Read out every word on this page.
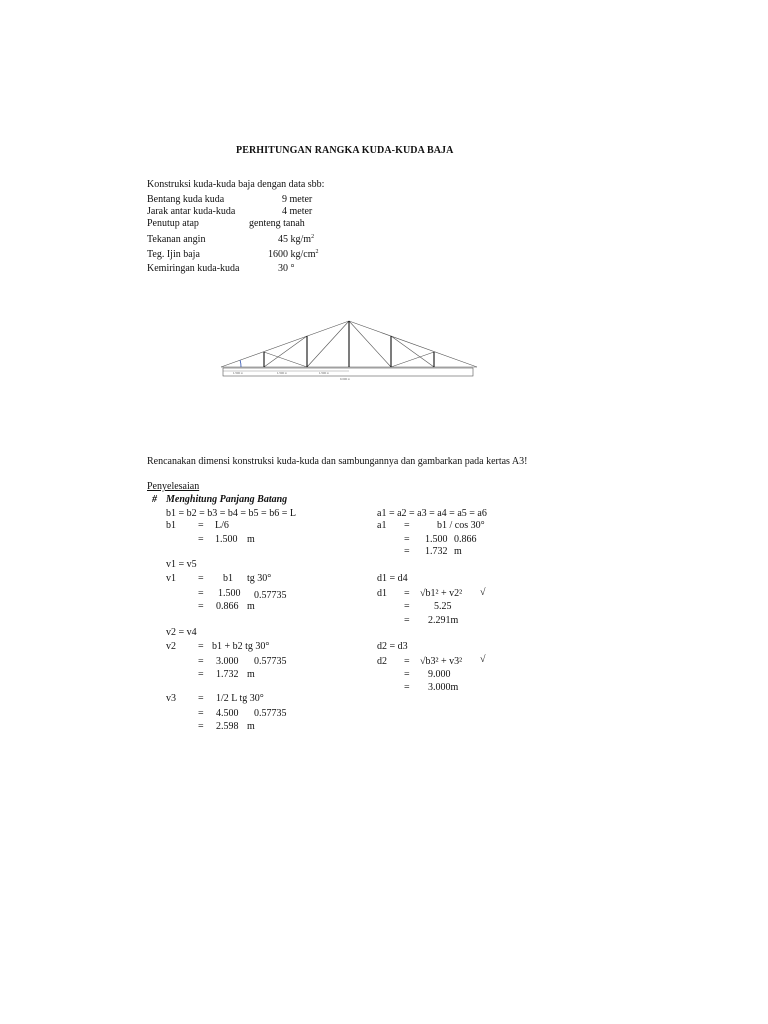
PERHITUNGAN RANGKA KUDA-KUDA BAJA
Konstruksi kuda-kuda baja dengan data sbb:
Bentang kuda kuda	9 meter
Jarak antar kuda-kuda	4 meter
Penutup atap	genteng tanah
Tekanan angin	45 $kg/m^2$
Teg. Ijin baja	1600 $kg/cm^2$
Kemiringan kuda-kuda	30 °
1.500 m	1.500 m	1.500 m
9.000 m
Rencanakan dimensi konstruksi kuda-kuda dan sambungannya dan gambarkan pada kertas A3!
Penyelesaian
# Menghitung Panjang Batang
b1 = b2 = b3 = b4 = b5 = b6 = L
b1 = L/6
= 1.500 m
v1 = v5
v1 = b1 tg 30°
= 1.500 0.57735
= 0.866 m
v2 = v4
v2 = b1 + b2 tg 30°
= 3.000 0.57735
= 1.732 m
v3 = 1/2 L tg 30°
= 4.500 0.57735
= 2.598 m
a1 = a2 = a3 = a4 = a5 = a6
a1 =	b1 / cos 30°
= 1.500 0.866
= 1.732 m
d1 = d4
d1 = √b1² + v2² √
= 5.25
= 2.291m
d2 = d3
d2 = √b3² + v3² √
= 9.000
= 3.000m
